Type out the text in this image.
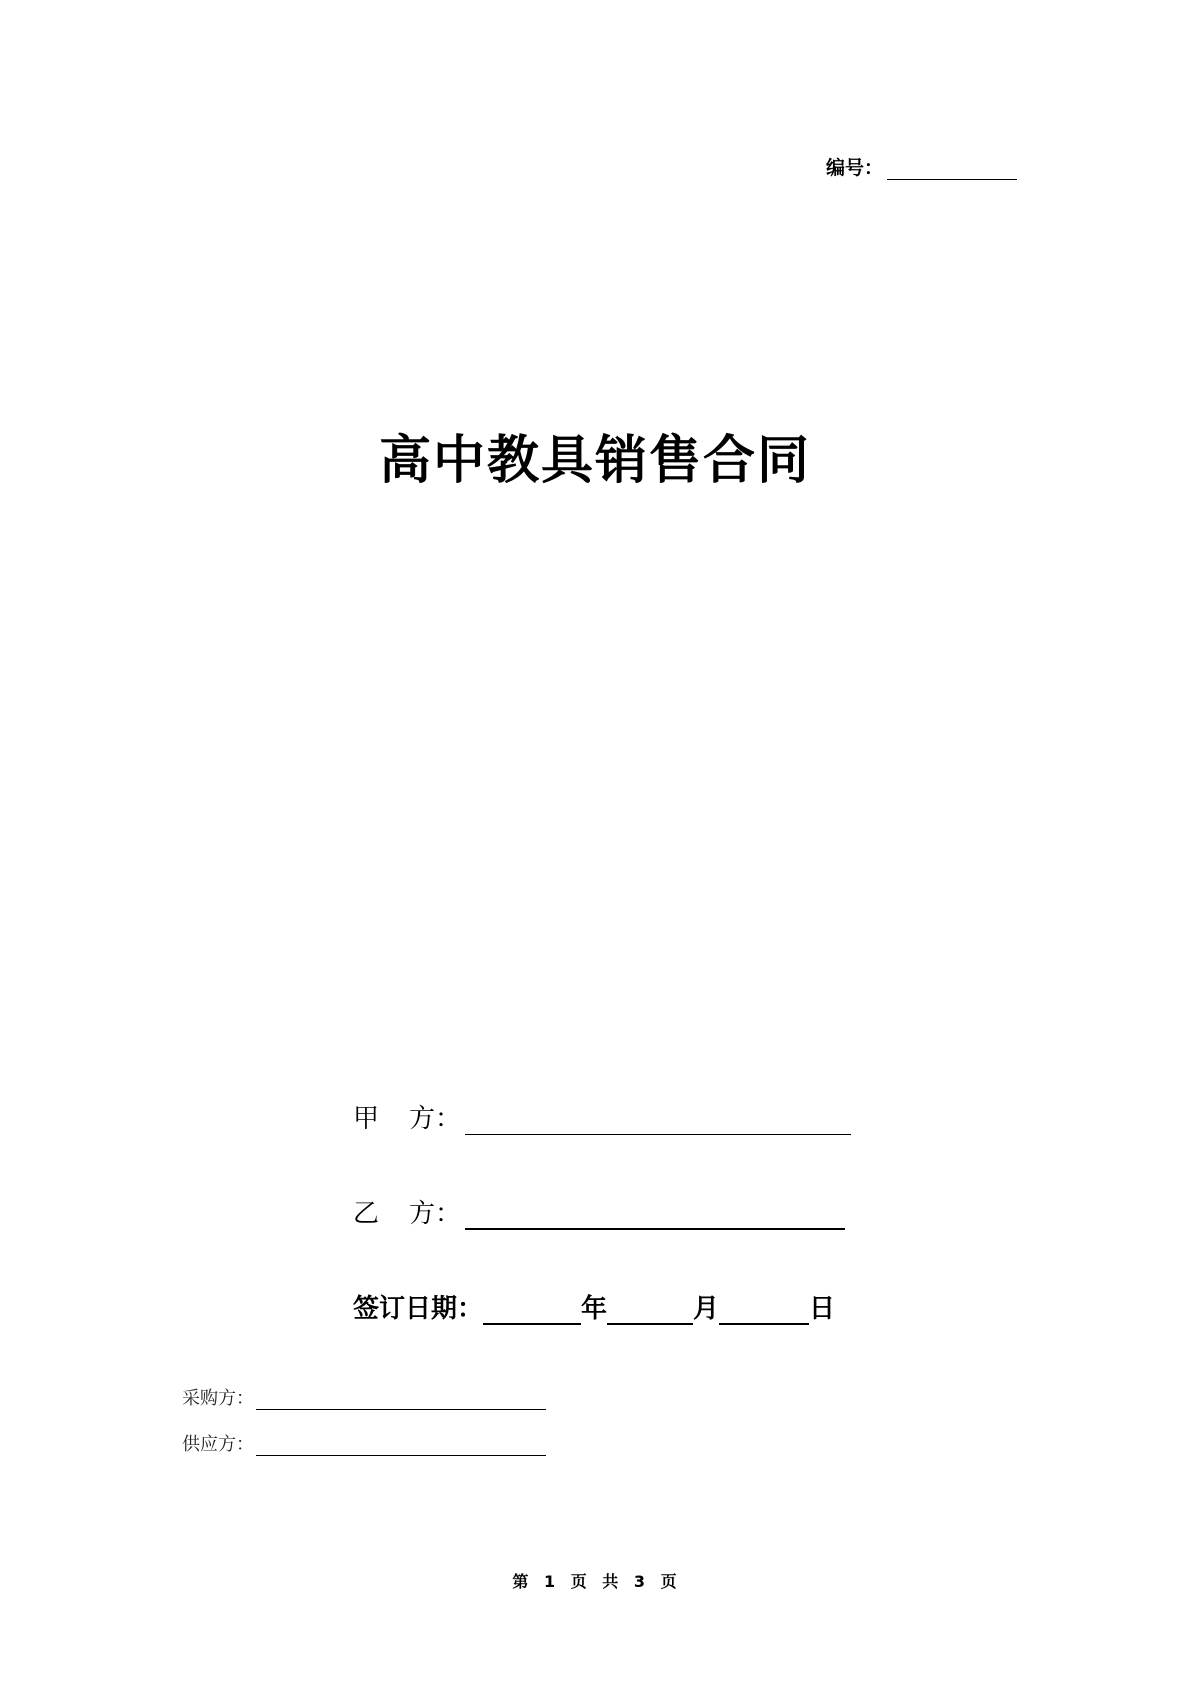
编号：
高中教具销售合同
甲 方：
乙 方：
签订日期：	年	月	日
采购方：
供应方：
第 1 页 共 3 页
